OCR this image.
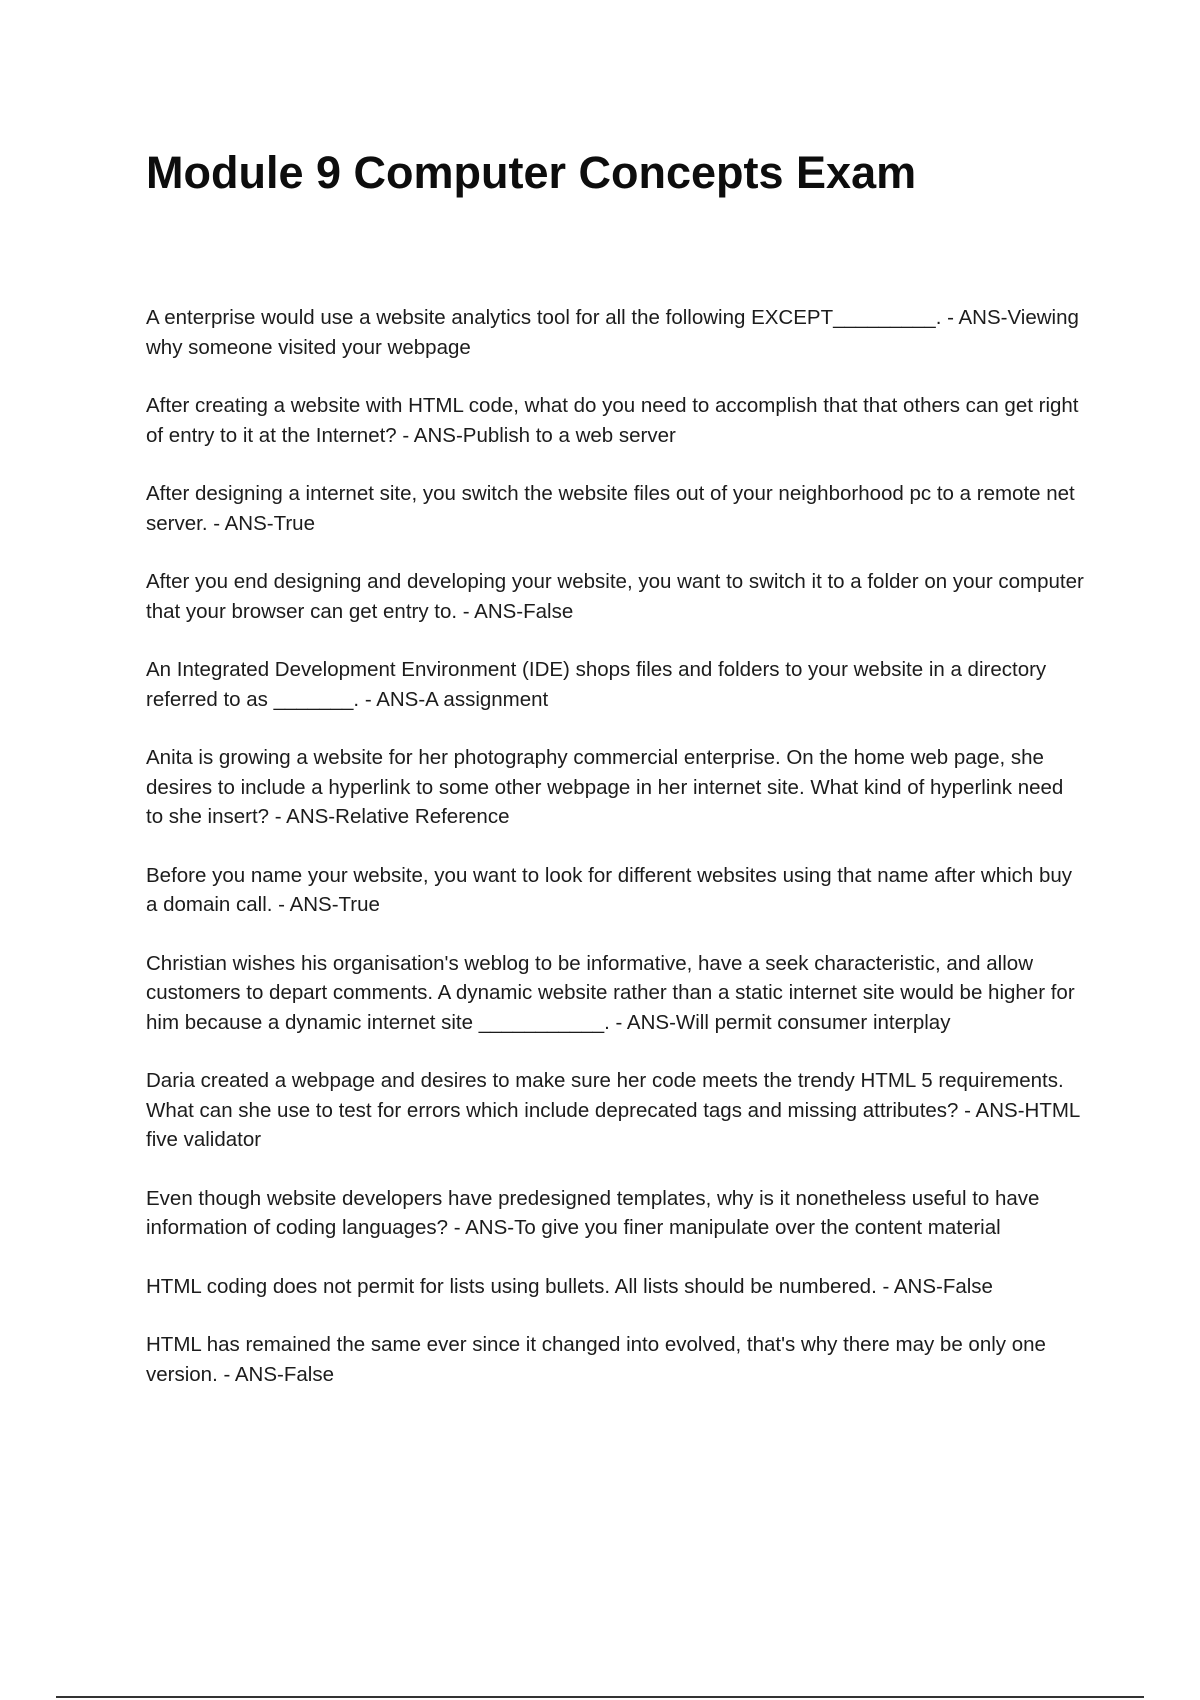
Module 9 Computer Concepts Exam

A enterprise would use a website analytics tool for all the following EXCEPT_________. - ANS-Viewing why someone visited your webpage

After creating a website with HTML code, what do you need to accomplish that that others can get right of entry to it at the Internet? - ANS-Publish to a web server

After designing a internet site, you switch the website files out of your neighborhood pc to a remote net server. - ANS-True

After you end designing and developing your website, you want to switch it to a folder on your computer that your browser can get entry to. - ANS-False

An Integrated Development Environment (IDE) shops files and folders to your website in a directory referred to as _______. - ANS-A assignment

Anita is growing a website for her photography commercial enterprise. On the home web page, she desires to include a hyperlink to some other webpage in her internet site. What kind of hyperlink need to she insert? - ANS-Relative Reference

Before you name your website, you want to look for different websites using that name after which buy a domain call. - ANS-True

Christian wishes his organisation's weblog to be informative, have a seek characteristic, and allow customers to depart comments. A dynamic website rather than a static internet site would be higher for him because a dynamic internet site ___________. - ANS-Will permit consumer interplay

Daria created a webpage and desires to make sure her code meets the trendy HTML 5 requirements. What can she use to test for errors which include deprecated tags and missing attributes? - ANS-HTML five validator

Even though website developers have predesigned templates, why is it nonetheless useful to have information of coding languages? - ANS-To give you finer manipulate over the content material

HTML coding does not permit for lists using bullets. All lists should be numbered. - ANS-False

HTML has remained the same ever since it changed into evolved, that's why there may be only one version. - ANS-False
